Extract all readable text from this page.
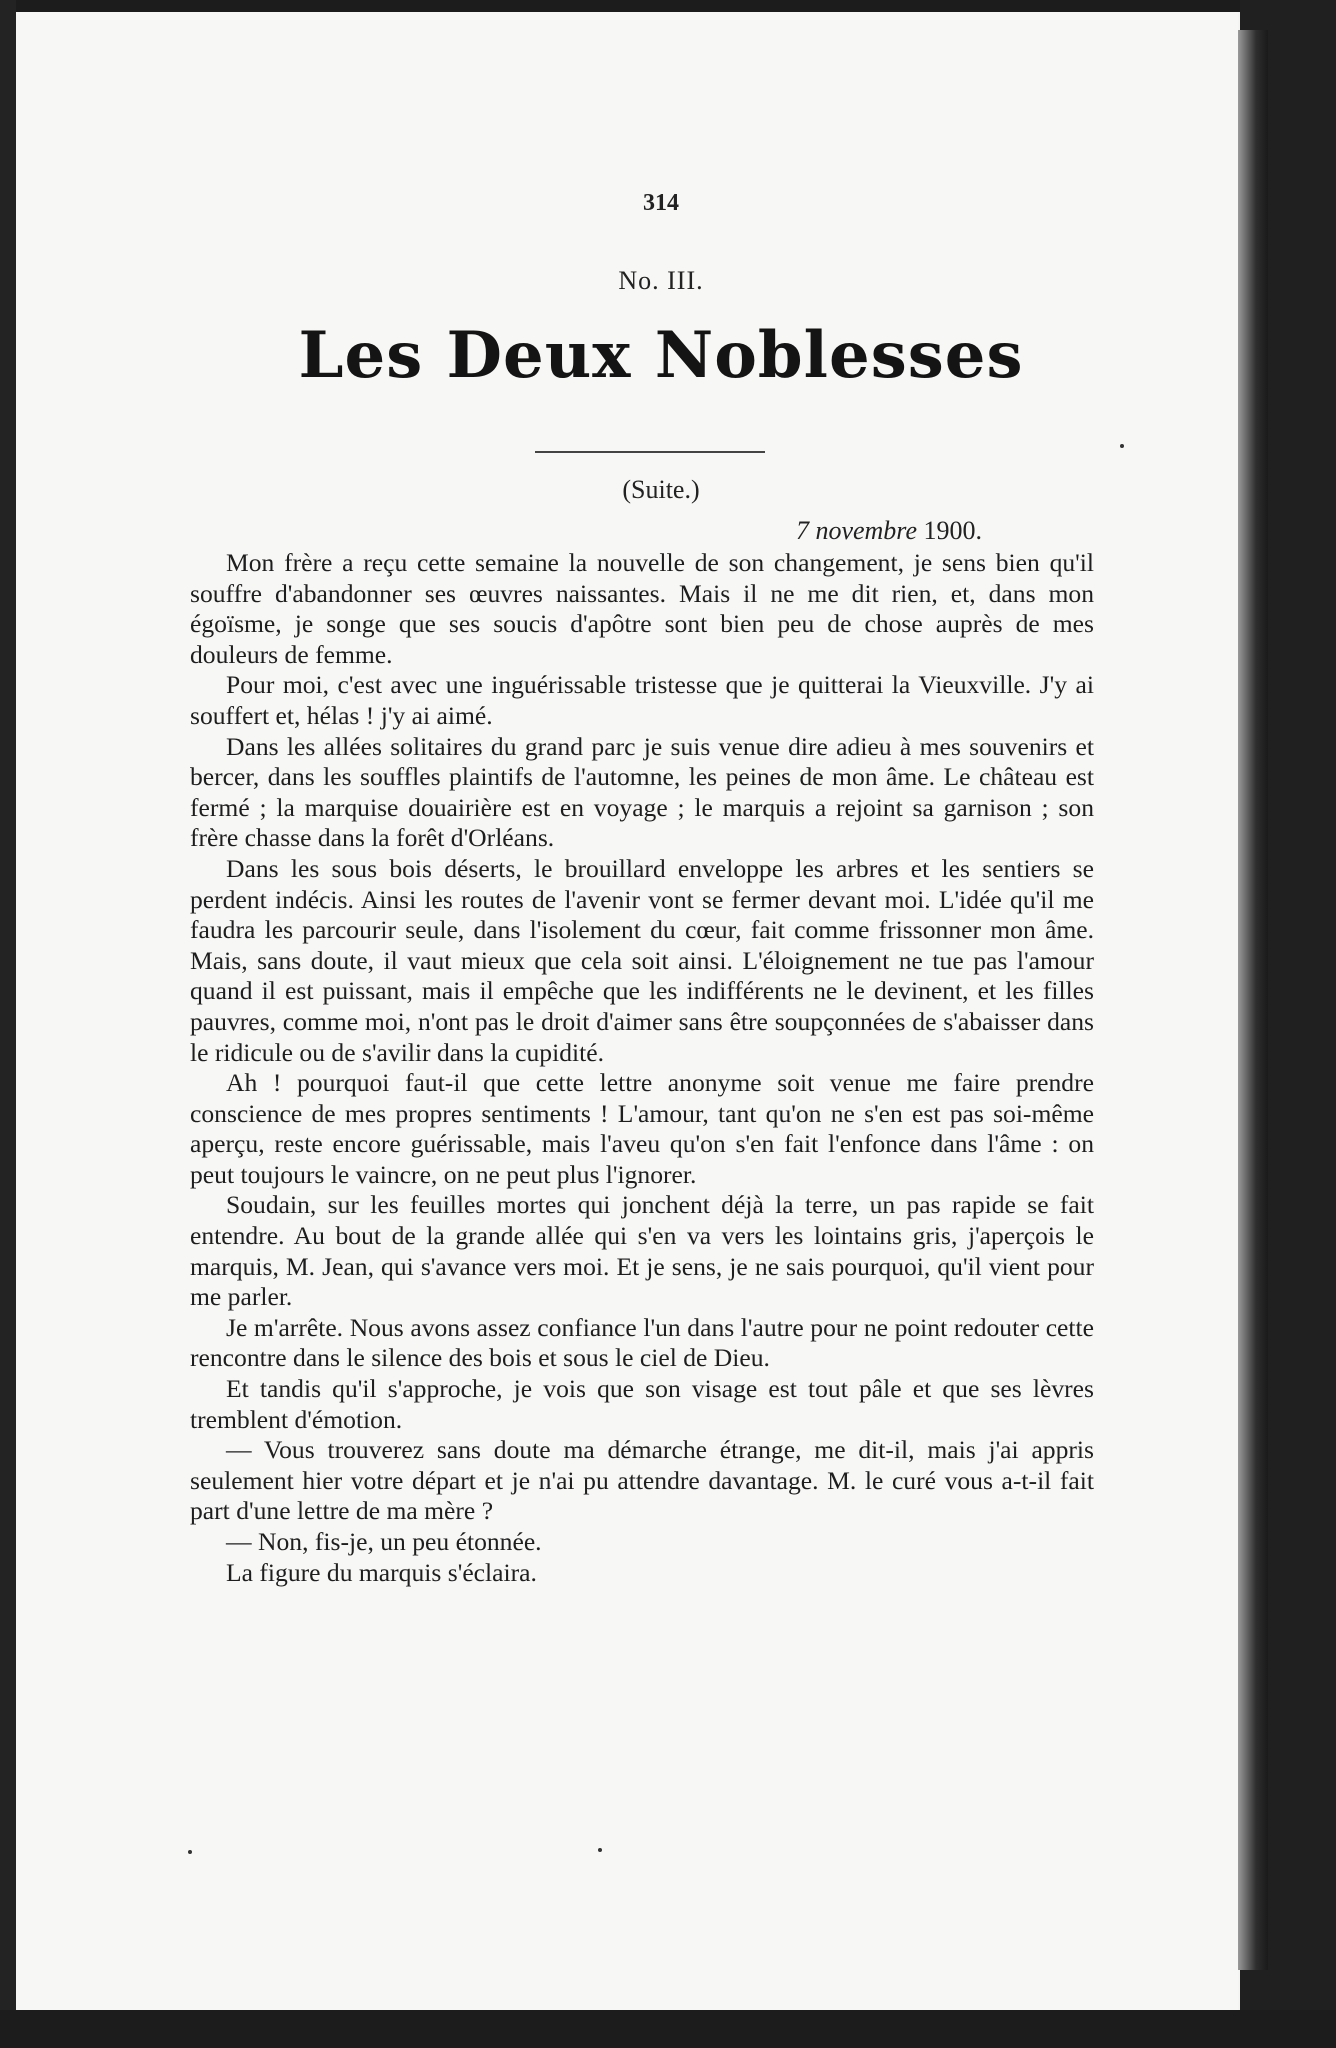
314
No. III.
Les Deux Noblesses
(Suite.)
7 novembre 1900.

Mon frère a reçu cette semaine la nouvelle de son changement, je sens bien qu'il souffre d'abandonner ses œuvres naissantes. Mais il ne me dit rien, et, dans mon égoïsme, je songe que ses soucis d'apôtre sont bien peu de chose auprès de mes douleurs de femme.

Pour moi, c'est avec une inguérissable tristesse que je quitterai la Vieuxville. J'y ai souffert et, hélas ! j'y ai aimé.

Dans les allées solitaires du grand parc je suis venue dire adieu à mes souvenirs et bercer, dans les souffles plaintifs de l'automne, les peines de mon âme. Le château est fermé ; la marquise douairière est en voyage ; le marquis a rejoint sa garnison ; son frère chasse dans la forêt d'Orléans.

Dans les sous bois déserts, le brouillard enveloppe les arbres et les sentiers se perdent indécis. Ainsi les routes de l'avenir vont se fermer devant moi. L'idée qu'il me faudra les parcourir seule, dans l'isolement du cœur, fait comme frissonner mon âme. Mais, sans doute, il vaut mieux que cela soit ainsi. L'éloignement ne tue pas l'amour quand il est puissant, mais il empêche que les indifférents ne le devinent, et les filles pauvres, comme moi, n'ont pas le droit d'aimer sans être soupçonnées de s'abaisser dans le ridicule ou de s'avilir dans la cupidité.

Ah ! pourquoi faut-il que cette lettre anonyme soit venue me faire prendre conscience de mes propres sentiments ! L'amour, tant qu'on ne s'en est pas soi-même aperçu, reste encore guérissable, mais l'aveu qu'on s'en fait l'enfonce dans l'âme : on peut toujours le vaincre, on ne peut plus l'ignorer.

Soudain, sur les feuilles mortes qui jonchent déjà la terre, un pas rapide se fait entendre. Au bout de la grande allée qui s'en va vers les lointains gris, j'aperçois le marquis, M. Jean, qui s'avance vers moi. Et je sens, je ne sais pourquoi, qu'il vient pour me parler.

Je m'arrête. Nous avons assez confiance l'un dans l'autre pour ne point redouter cette rencontre dans le silence des bois et sous le ciel de Dieu.

Et tandis qu'il s'approche, je vois que son visage est tout pâle et que ses lèvres tremblent d'émotion.

— Vous trouverez sans doute ma démarche étrange, me dit-il, mais j'ai appris seulement hier votre départ et je n'ai pu attendre davantage. M. le curé vous a-t-il fait part d'une lettre de ma mère ?

— Non, fis-je, un peu étonnée.

La figure du marquis s'éclaira.
